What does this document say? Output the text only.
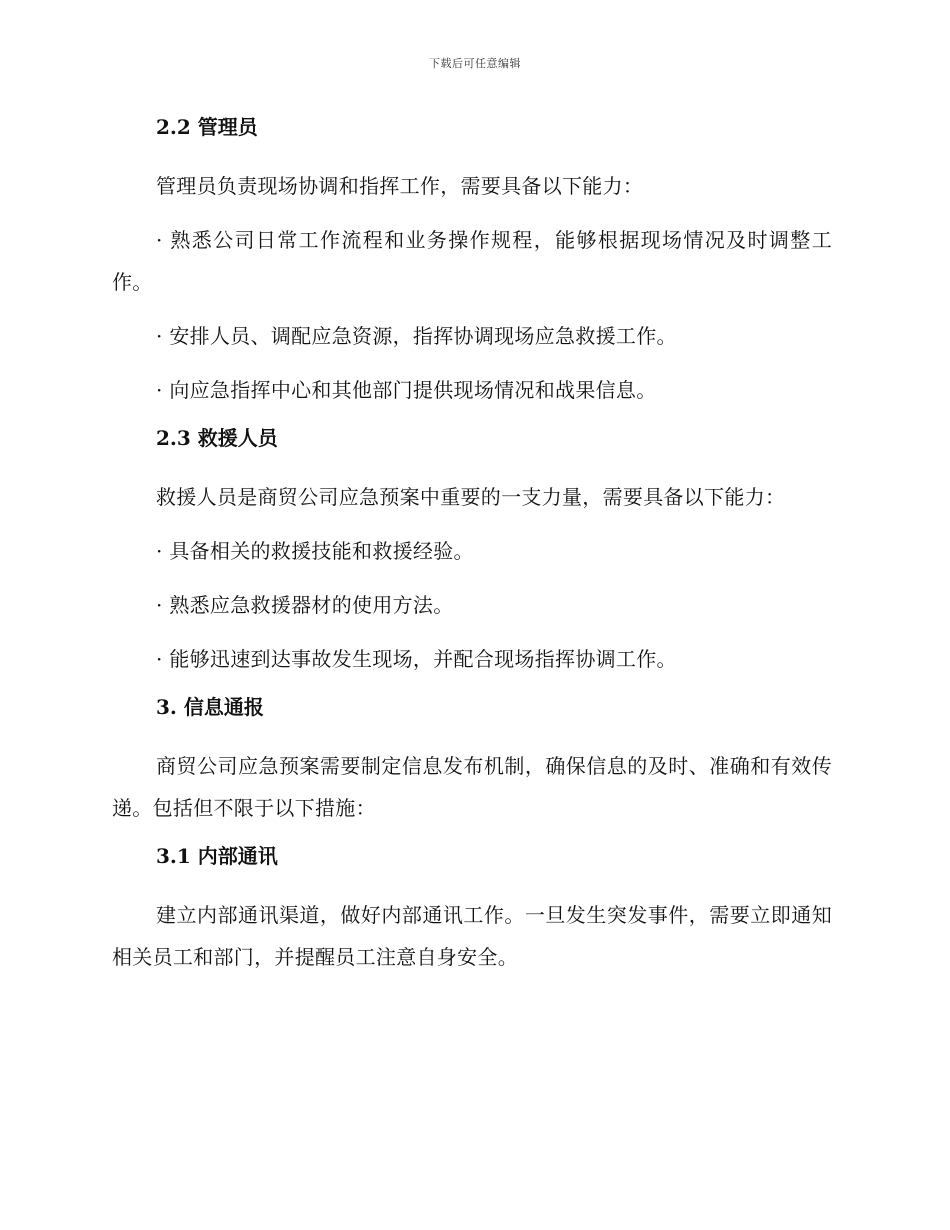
下载后可任意编辑
2.2 管理员

管理员负责现场协调和指挥工作，需要具备以下能力：

· 熟悉公司日常工作流程和业务操作规程，能够根据现场情况及时调整工作。

· 安排人员、调配应急资源，指挥协调现场应急救援工作。

· 向应急指挥中心和其他部门提供现场情况和战果信息。

2.3 救援人员

救援人员是商贸公司应急预案中重要的一支力量，需要具备以下能力：

· 具备相关的救援技能和救援经验。

· 熟悉应急救援器材的使用方法。

· 能够迅速到达事故发生现场，并配合现场指挥协调工作。

3. 信息通报

商贸公司应急预案需要制定信息发布机制，确保信息的及时、准确和有效传递。包括但不限于以下措施：

3.1 内部通讯

建立内部通讯渠道，做好内部通讯工作。一旦发生突发事件，需要立即通知相关员工和部门，并提醒员工注意自身安全。
